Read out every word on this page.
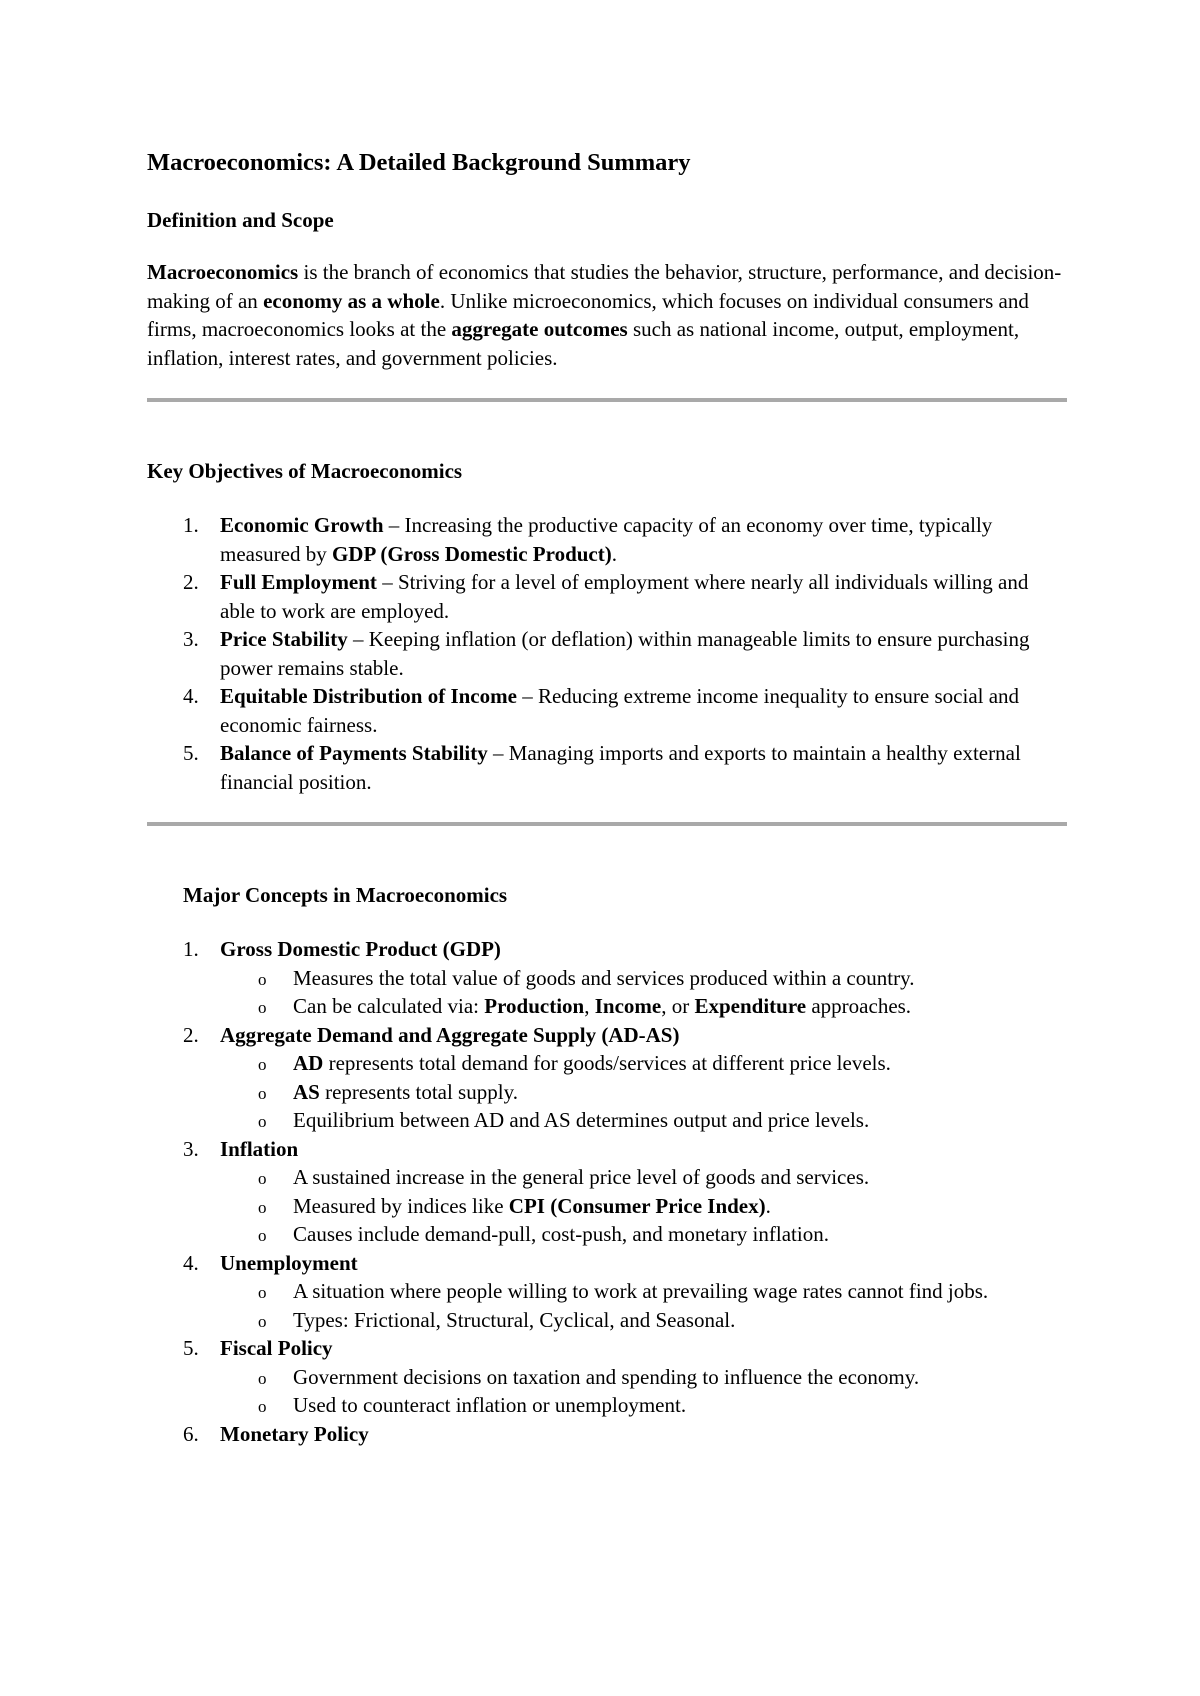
Macroeconomics: A Detailed Background Summary
Definition and Scope

Macroeconomics is the branch of economics that studies the behavior, structure, performance, and decision-making of an economy as a whole. Unlike microeconomics, which focuses on individual consumers and firms, macroeconomics looks at the aggregate outcomes such as national income, output, employment, inflation, interest rates, and government policies.

Key Objectives of Macroeconomics
Economic Growth – Increasing the productive capacity of an economy over time, typically measured by GDP (Gross Domestic Product).
Full Employment – Striving for a level of employment where nearly all individuals willing and able to work are employed.
Price Stability – Keeping inflation (or deflation) within manageable limits to ensure purchasing power remains stable.
Equitable Distribution of Income – Reducing extreme income inequality to ensure social and economic fairness.
Balance of Payments Stability – Managing imports and exports to maintain a healthy external financial position.
Major Concepts in Macroeconomics
Gross Domestic Product (GDP)
o Measures the total value of goods and services produced within a country.
o Can be calculated via: Production, Income, or Expenditure approaches.
Aggregate Demand and Aggregate Supply (AD-AS)
o AD represents total demand for goods/services at different price levels.
o AS represents total supply.
o Equilibrium between AD and AS determines output and price levels.
Inflation
o A sustained increase in the general price level of goods and services.
o Measured by indices like CPI (Consumer Price Index).
o Causes include demand-pull, cost-push, and monetary inflation.
Unemployment
o A situation where people willing to work at prevailing wage rates cannot find jobs.
o Types: Frictional, Structural, Cyclical, and Seasonal.
Fiscal Policy
o Government decisions on taxation and spending to influence the economy.
o Used to counteract inflation or unemployment.
Monetary Policy
